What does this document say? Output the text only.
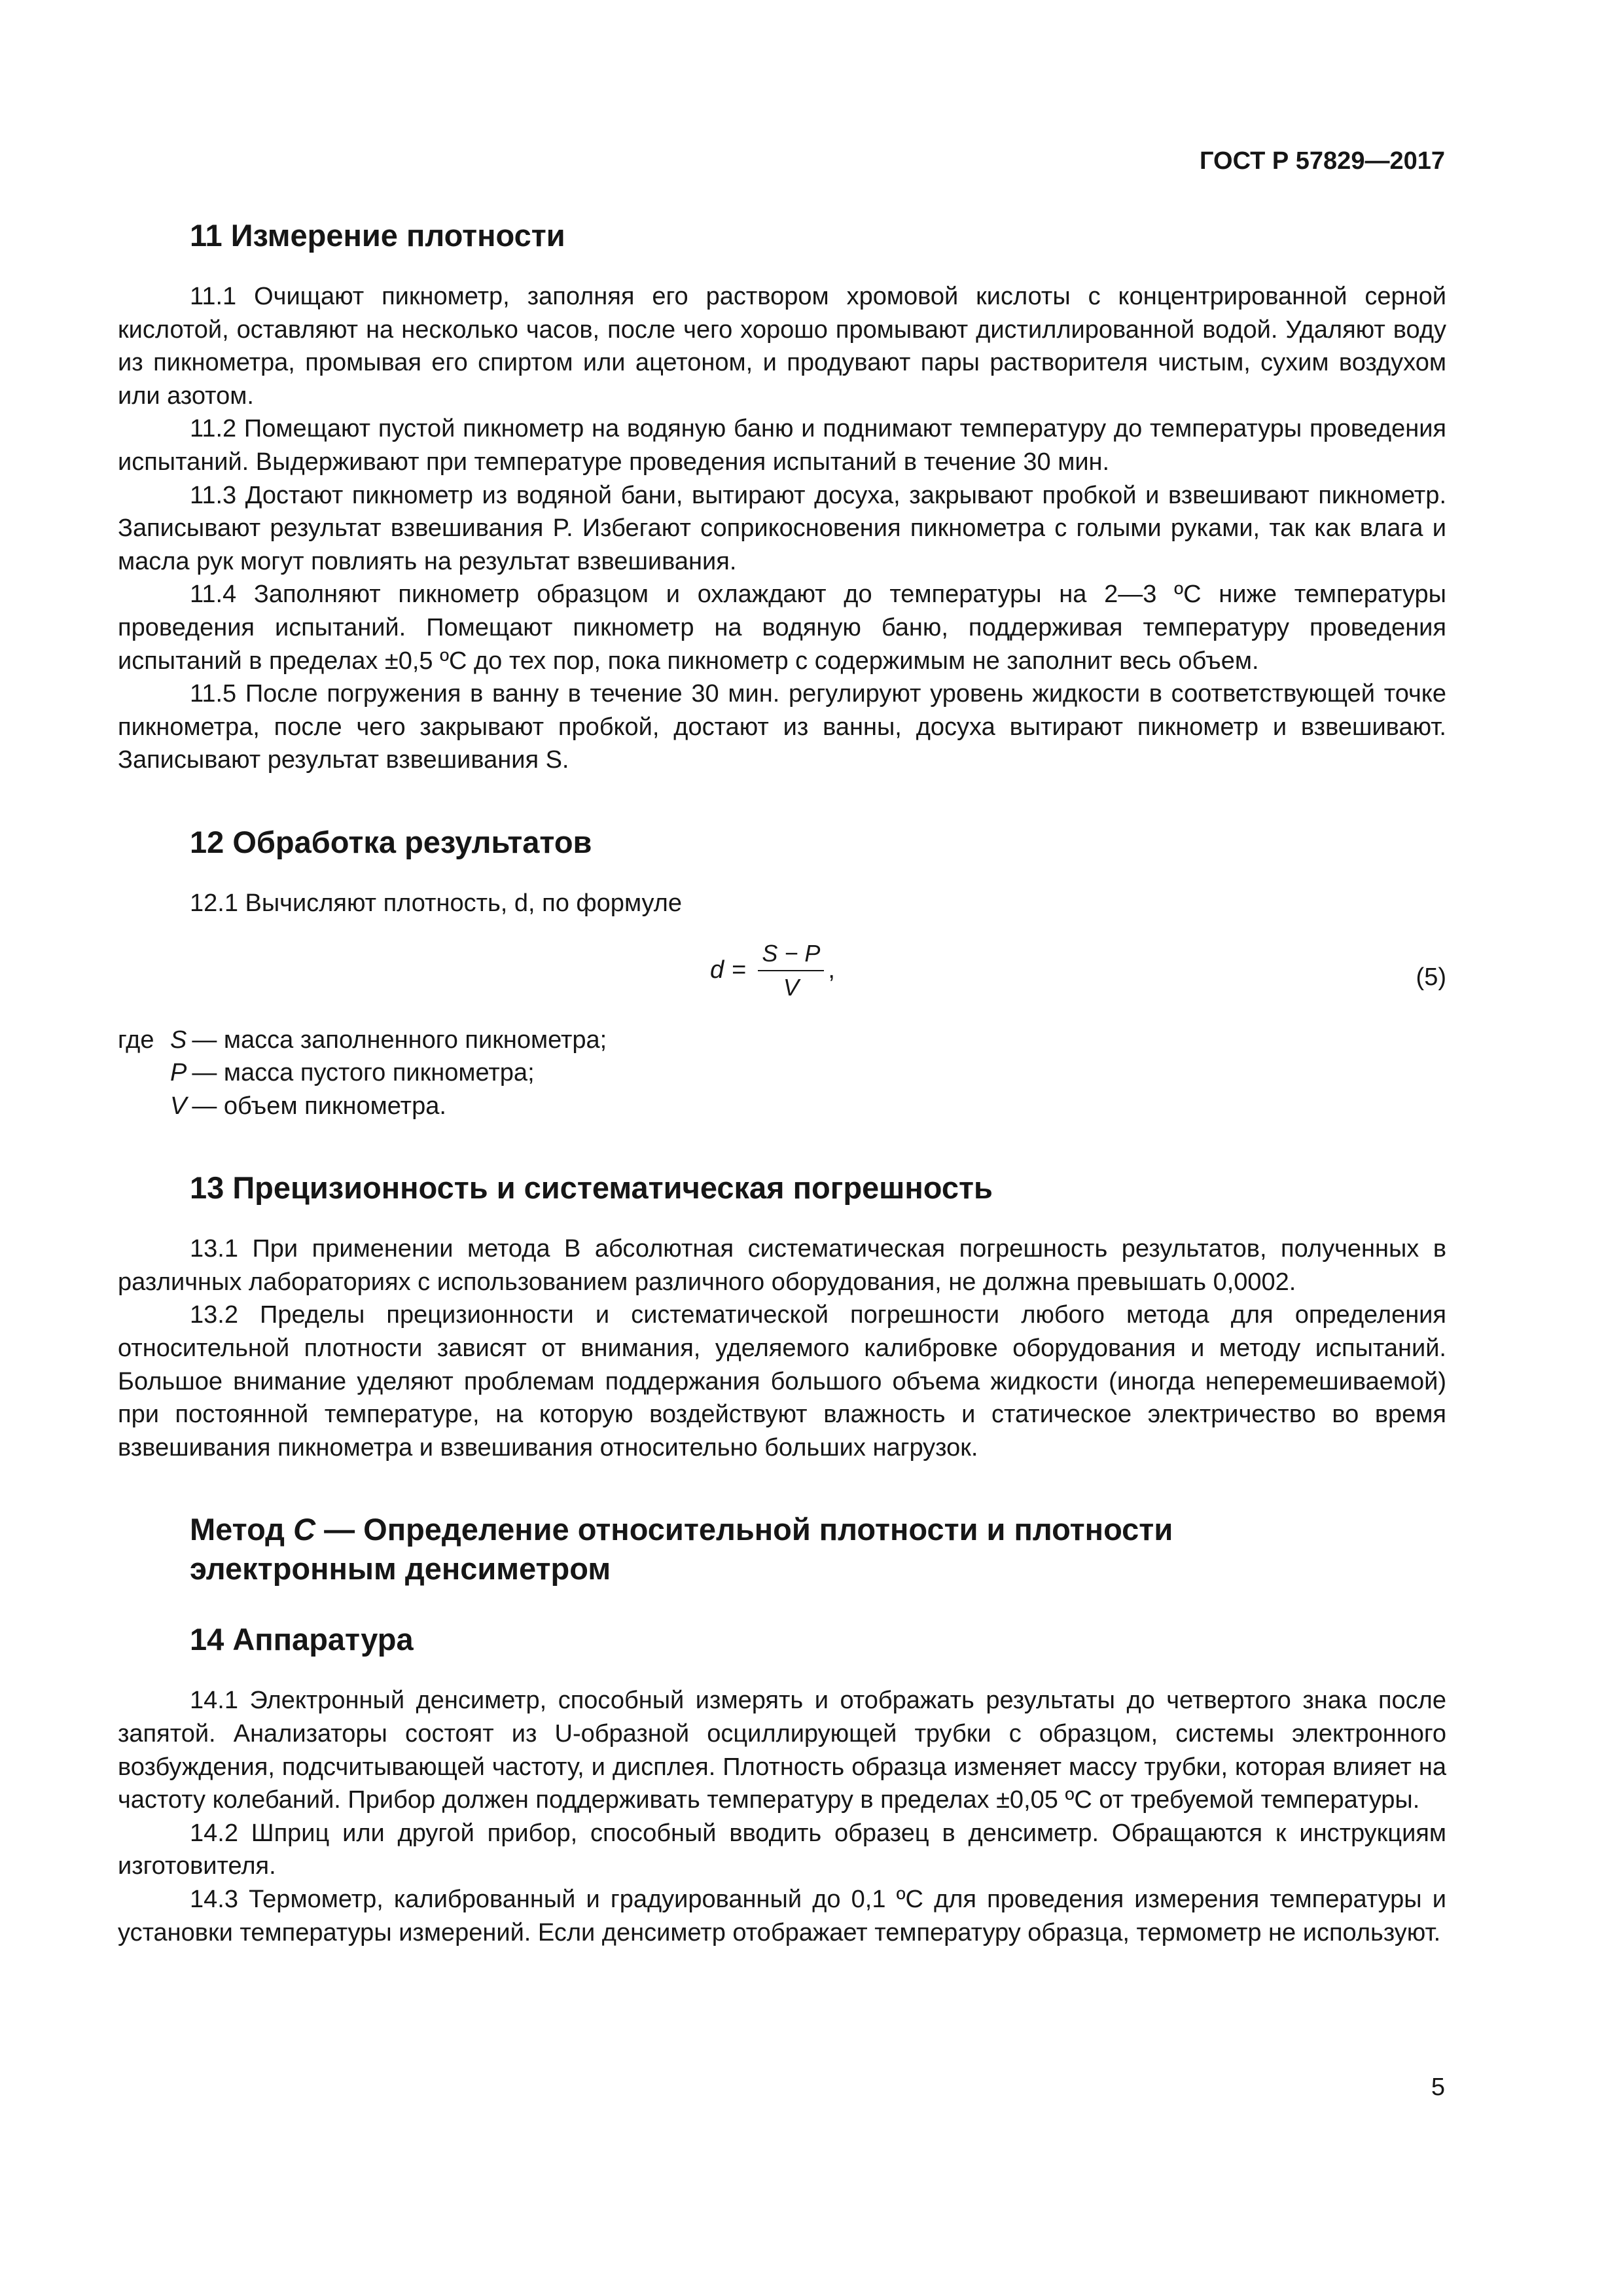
ГОСТ Р 57829—2017
11 Измерение плотности

11.1 Очищают пикнометр, заполняя его раствором хромовой кислоты с концентрированной серной кислотой, оставляют на несколько часов, после чего хорошо промывают дистиллированной водой. Удаляют воду из пикнометра, промывая его спиртом или ацетоном, и продувают пары растворителя чистым, сухим воздухом или азотом.

11.2 Помещают пустой пикнометр на водяную баню и поднимают температуру до температуры проведения испытаний. Выдерживают при температуре проведения испытаний в течение 30 мин.

11.3 Достают пикнометр из водяной бани, вытирают досуха, закрывают пробкой и взвешивают пикнометр. Записывают результат взвешивания P. Избегают соприкосновения пикнометра с голыми руками, так как влага и масла рук могут повлиять на результат взвешивания.

11.4 Заполняют пикнометр образцом и охлаждают до температуры на 2—3 ºС ниже температуры проведения испытаний. Помещают пикнометр на водяную баню, поддерживая температуру проведения испытаний в пределах ±0,5 ºС до тех пор, пока пикнометр с содержимым не заполнит весь объем.

11.5 После погружения в ванну в течение 30 мин. регулируют уровень жидкости в соответствующей точке пикнометра, после чего закрывают пробкой, достают из ванны, досуха вытирают пикнометр и взвешивают. Записывают результат взвешивания S.

12 Обработка результатов

12.1 Вычисляют плотность, d, по формуле

$d = \frac{S - P}{V}$ ,	(5)
где S — масса заполненного пикнометра;
P — масса пустого пикнометра;
V — объем пикнометра.
13 Прецизионность и систематическая погрешность

13.1 При применении метода B абсолютная систематическая погрешность результатов, полученных в различных лабораториях с использованием различного оборудования, не должна превышать 0,0002.

13.2 Пределы прецизионности и систематической погрешности любого метода для определения относительной плотности зависят от внимания, уделяемого калибровке оборудования и методу испытаний. Большое внимание уделяют проблемам поддержания большого объема жидкости (иногда неперемешиваемой) при постоянной температуре, на которую воздействуют влажность и статическое электричество во время взвешивания пикнометра и взвешивания относительно больших нагрузок.

Метод C — Определение относительной плотности и плотности
электронным денсиметром
14 Аппаратура

14.1 Электронный денсиметр, способный измерять и отображать результаты до четвертого знака после запятой. Анализаторы состоят из U-образной осциллирующей трубки с образцом, системы электронного возбуждения, подсчитывающей частоту, и дисплея. Плотность образца изменяет массу трубки, которая влияет на частоту колебаний. Прибор должен поддерживать температуру в пределах ±0,05 ºС от требуемой температуры.

14.2 Шприц или другой прибор, способный вводить образец в денсиметр. Обращаются к инструкциям изготовителя.

14.3 Термометр, калиброванный и градуированный до 0,1 ºС для проведения измерения температуры и установки температуры измерений. Если денсиметр отображает температуру образца, термометр не используют.

5
